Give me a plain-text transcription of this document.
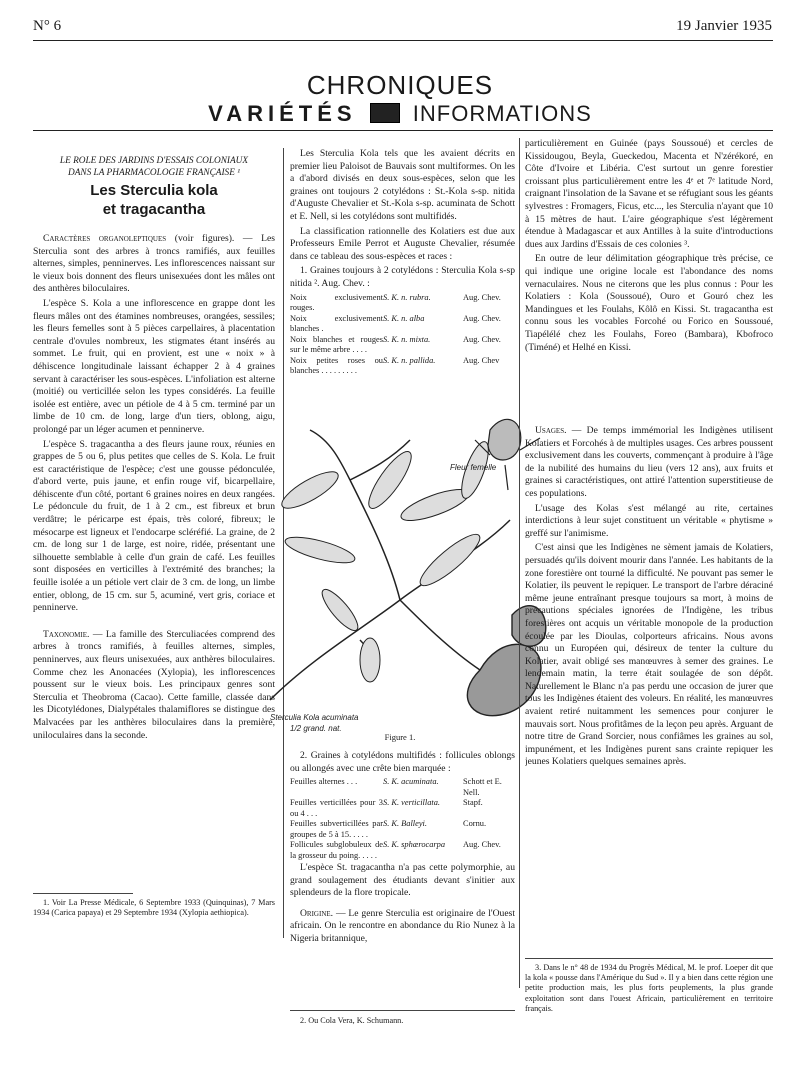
N° 6	19 Janvier 1935
CHRONIQUES
VARIÉTÉS	INFORMATIONS

LE ROLE DES JARDINS D'ESSAIS COLONIAUX
DANS LA PHARMACOLOGIE FRANÇAISE ¹

Les Sterculia kola
et tragacantha

Caractères organoleptiques (voir figures). — Les Sterculia sont des arbres à troncs ramifiés, aux feuilles alternes, simples, penninerves. Les inflorescences naissant sur le vieux bois donnent des fleurs unisexuées dont les mâles ont des anthères biloculaires.

L'espèce S. Kola a une inflorescence en grappe dont les fleurs mâles ont des étamines nombreuses, orangées, sessiles; les fleurs femelles sont à 5 pièces carpellaires, à placentation centrale d'ovules nombreux, les stigmates étant insérés au sommet. Le fruit, qui en provient, est une « noix » à déhiscence longitudinale laissant échapper 2 à 4 graines servant à caractériser les sous-espèces. L'infoliation est alterne (moitié) ou verticillée selon les types considérés. La feuille isolée est entière, avec un pétiole de 4 à 5 cm. terminé par un limbe de 10 cm. de long, large d'un tiers, oblong, aigu, prolongé par un léger acumen et penninerve.

L'espèce S. tragacantha a des fleurs jaune roux, réunies en grappes de 5 ou 6, plus petites que celles de S. Kola. Le fruit est caractéristique de l'espèce; c'est une gousse pédonculée, d'abord verte, puis jaune, et enfin rouge vif, bicarpellaire, déhiscente d'un côté, portant 6 graines noires en deux rangées. Le pédoncule du fruit, de 1 à 2 cm., est fibreux et brun verdâtre; le péricarpe est épais, très coloré, fibreux; le mésocarpe est ligneux et l'endocarpe scléréfié. La graine, de 2 cm. de long sur 1 de large, est noire, ridée, présentant une silhouette semblable à celle d'un grain de café. Les feuilles sont disposées en verticilles à l'extrémité des branches; la feuille isolée a un pétiole vert clair de 3 cm. de long, un limbe entier, oblong, de 15 cm. sur 5, acuminé, vert gris, coriace et penninerve.

Taxonomie. — La famille des Sterculiacées comprend des arbres à troncs ramifiés, à feuilles alternes, simples, penninerves, aux fleurs unisexuées, aux anthères biloculaires. Comme chez les Anonacées (Xylopia), les inflorescences poussent sur le vieux bois. Les principaux genres sont Sterculia et Theobroma (Cacao). Cette famille, classée dans les Dicotylédones, Dialypétales thalamiflores se distingue des Malvacées par les anthères biloculaires dans la première, uniloculaires dans la seconde.

1. Voir La Presse Médicale, 6 Septembre 1933 (Quinquinas), 7 Mars 1934 (Carica papaya) et 29 Septembre 1934 (Xylopia aethiopica).

Les Sterculia Kola tels que les avaient décrits en premier lieu Paloisot de Bauvais sont multiformes. On les a d'abord divisés en deux sous-espèces, selon que les graines ont toujours 2 cotylédons : St.-Kola s-sp. nitida d'Auguste Chevalier et St.-Kola s-sp. acuminata de Schott et E. Nell, si les cotylédons sont multifidés.

La classification rationnelle des Kolatiers est due aux Professeurs Emile Perrot et Auguste Chevalier, résumée dans ce tableau des sous-espèces et races :

1. Graines toujours à 2 cotylédons : Sterculia Kola s-sp nitida ². Aug. Chev. :

Noix exclusivement rouges.	S. K. n. rubra.	Aug. Chev.
Noix exclusivement blanches .	S. K. n. alba	Aug. Chev.
Noix blanches et rouges sur le même arbre . . . .	S. K. n. mixta.	Aug. Chev.
Noix petites roses ou blanches . . . . . . . . .	S. K. n. pallida.	Aug. Chev
Fleur femelle
Sterculia Kola acuminata
1/2 grand. nat.
Figure 1.

2. Graines à cotylédons multifidés : follicules oblongs ou allongés avec une crête bien marquée :

Feuilles alternes . . .	S. K. acuminata.	Schott et E. Nell.
Feuilles verticillées pour 3 ou 4 . . .	S. K. verticillata.	Stapf.
Feuilles subverticillées par groupes de 5 à 15. . . . .	S. K. Balleyi.	Cornu.
Follicules subglobuleux de la grosseur du poing. . . . .	S. K. sphærocarpa	Aug. Chev.

L'espèce St. tragacantha n'a pas cette polymorphie, au grand soulagement des étudiants devant s'initier aux splendeurs de la flore tropicale.

Origine. — Le genre Sterculia est originaire de l'Ouest africain. On le rencontre en abondance du Rio Nunez à la Nigeria britannique,

2. Ou Cola Vera, K. Schumann.

particulièrement en Guinée (pays Soussoué) et cercles de Kissidougou, Beyla, Gueckedou, Macenta et N'zérékoré, en Côte d'Ivoire et Libéria. C'est surtout un genre forestier croissant plus particulièrement entre les 4ᵉ et 7ᵉ latitude Nord, craignant l'insolation de la Savane et se réfugiant sous les géants sylvestres : Fromagers, Ficus, etc..., les Sterculia n'ayant que 10 à 15 mètres de haut. L'aire géographique s'est légèrement étendue à Madagascar et aux Antilles à la suite d'introductions dues aux Jardins d'Essais de ces colonies ³.

En outre de leur délimitation géographique très précise, ce qui indique une origine locale est l'abondance des noms vernaculaires. Nous ne citerons que les plus connus : Pour les Kolatiers : Kola (Soussoué), Ouro et Gouró chez les Mandingues et les Foulahs, Kôlô en Kissi. St. tragacantha est connu sous les vocables Forcohé ou Forico en Soussoué, Tiapélélé chez les Foulahs, Foreo (Bambara), Kbofroco (Timéné) et Helhé en Kissi.

Usages. — De temps immémorial les Indigènes utilisent Kolatiers et Forcohés à de multiples usages. Ces arbres poussent exclusivement dans les couverts, commençant à produire à l'âge de la nubilité des humains du lieu (vers 12 ans), aux fruits et graines si caractéristiques, ont attiré l'attention superstitieuse de ces populations.

L'usage des Kolas s'est mélangé au rite, certaines interdictions à leur sujet constituent un véritable « phytisme » greffé sur l'animisme.

C'est ainsi que les Indigènes ne sèment jamais de Kolatiers, persuadés qu'ils doivent mourir dans l'année. Les habitants de la zone forestière ont tourné la difficulté. Ne pouvant pas semer le Kolatier, ils peuvent le repiquer. Le transport de l'arbre déraciné même jeune entraînant presque toujours sa mort, à moins de précautions spéciales ignorées de l'Indigène, les tribus forestières ont acquis un véritable monopole de la production écoulée par les Dioulas, colporteurs africains. Nous avons connu un Européen qui, désireux de tenter la culture du Kolatier, avait obligé ses manœuvres à semer des graines. Le lendemain matin, la terre était soulagée de son dépôt. Naturellement le Blanc n'a pas perdu une occasion de jurer que tous les Indigènes étaient des voleurs. En réalité, les manœuvres avaient retiré nuitamment les semences pour conjurer le mauvais sort. Nous profitâmes de la leçon peu après. Arguant de notre titre de Grand Sorcier, nous confiâmes les graines au sol, impunément, et les Indigènes purent sans crainte repiquer les jeunes Kolatiers quelques semaines après.

3. Dans le n° 48 de 1934 du Progrès Médical, M. le prof. Loeper dit que la kola « pousse dans l'Amérique du Sud ». Il y a bien dans cette région une petite production mais, les plus forts peuplements, la plus grande exploitation sont dans l'ouest Africain, particulièrement en territoire français.
